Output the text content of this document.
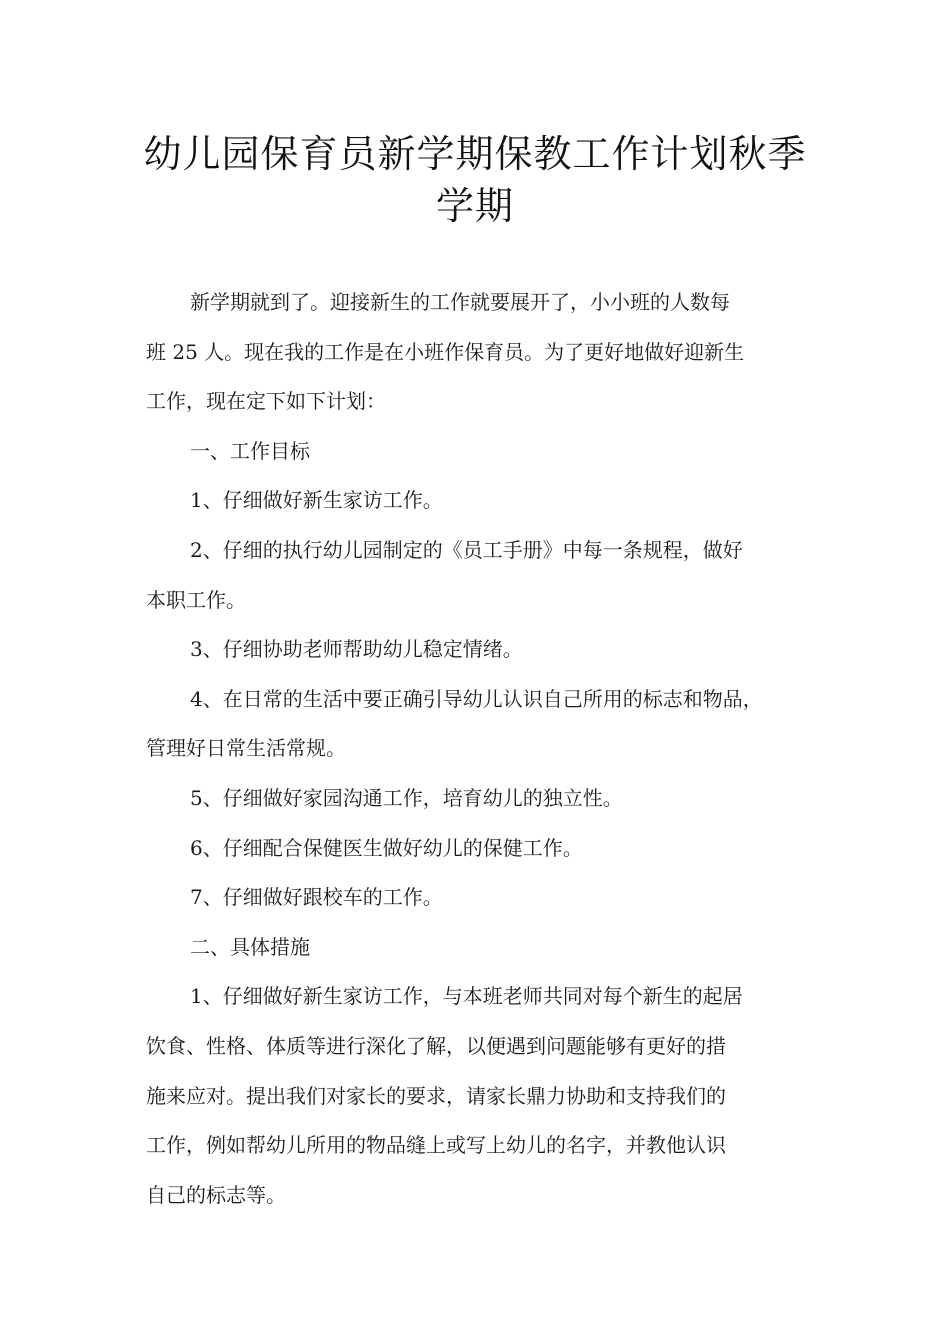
幼儿园保育员新学期保教工作计划秋季
学期
新学期就到了。迎接新生的工作就要展开了，小小班的人数每
班 25 人。现在我的工作是在小班作保育员。为了更好地做好迎新生
工作，现在定下如下计划：
一、工作目标
1、仔细做好新生家访工作。
2、仔细的执行幼儿园制定的《员工手册》中每一条规程，做好
本职工作。
3、仔细协助老师帮助幼儿稳定情绪。
4、在日常的生活中要正确引导幼儿认识自己所用的标志和物品，
管理好日常生活常规。
5、仔细做好家园沟通工作，培育幼儿的独立性。
6、仔细配合保健医生做好幼儿的保健工作。
7、仔细做好跟校车的工作。
二、具体措施
1、仔细做好新生家访工作，与本班老师共同对每个新生的起居
饮食、性格、体质等进行深化了解，以便遇到问题能够有更好的措
施来应对。提出我们对家长的要求，请家长鼎力协助和支持我们的
工作，例如帮幼儿所用的物品缝上或写上幼儿的名字，并教他认识
自己的标志等。
